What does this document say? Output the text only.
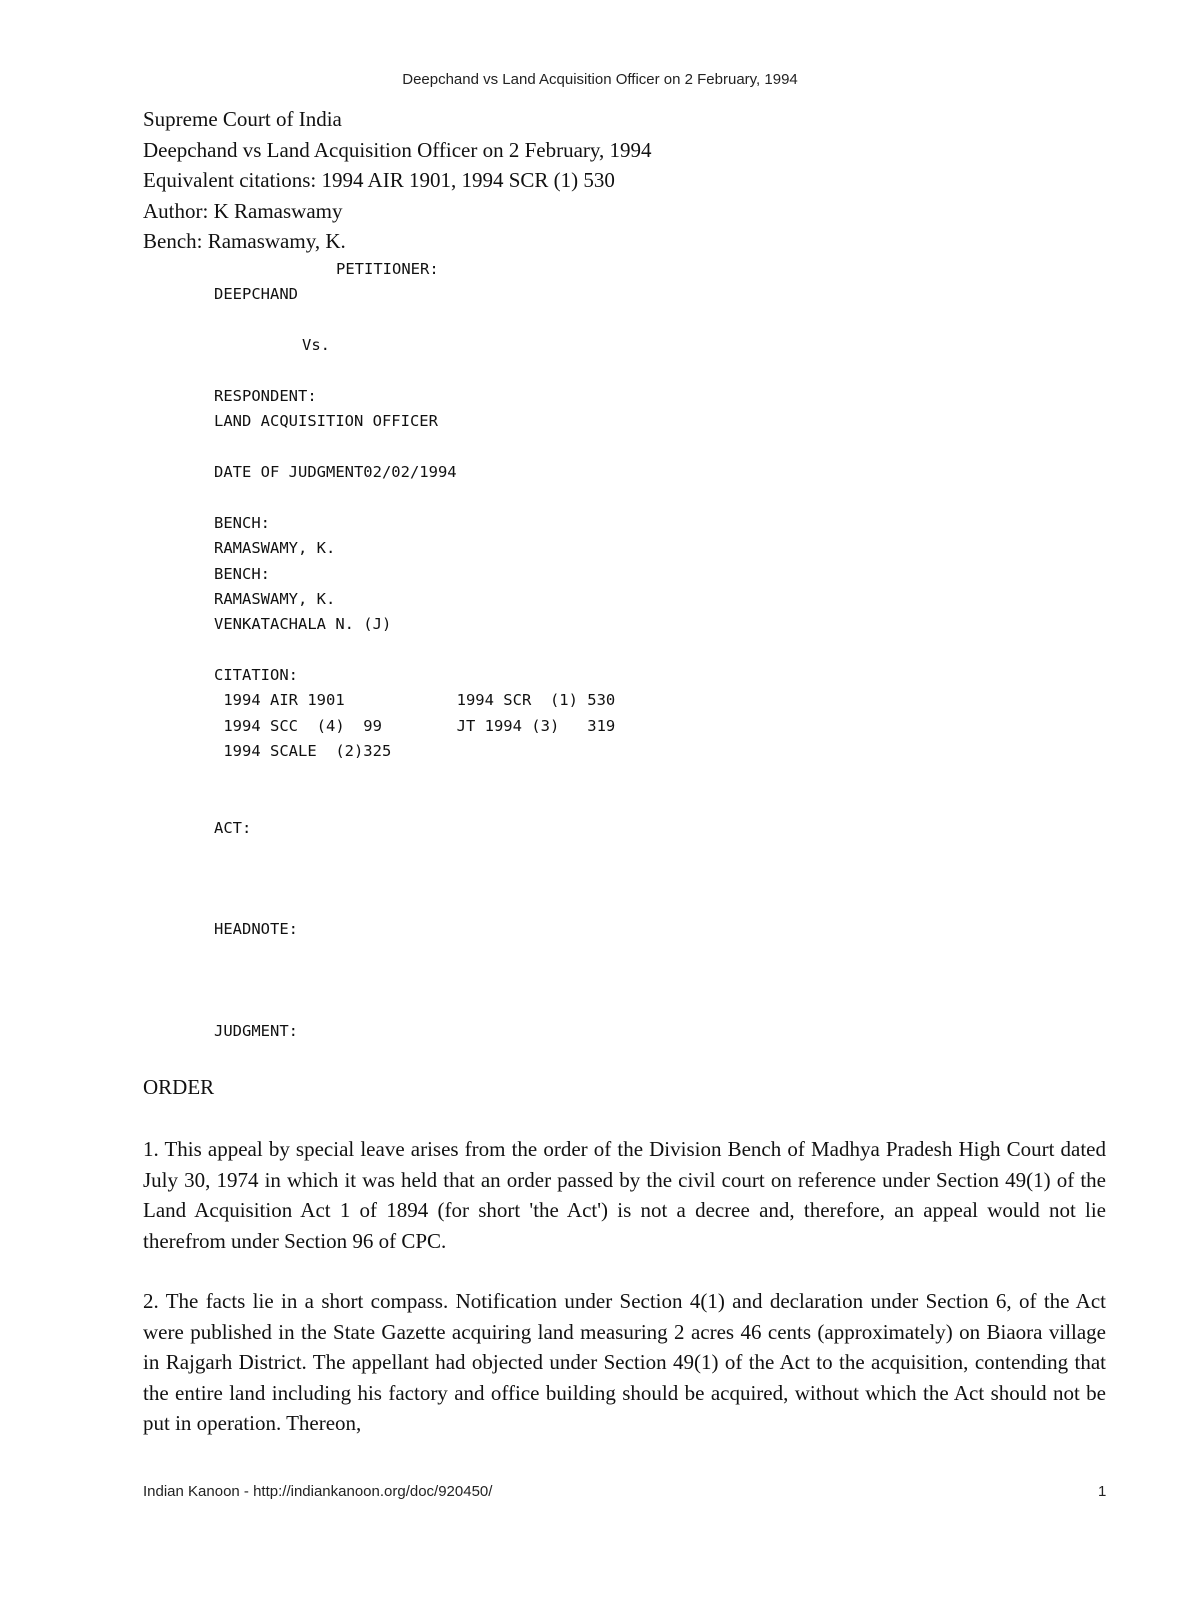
Deepchand vs Land Acquisition Officer on 2 February, 1994
Supreme Court of India
Deepchand vs Land Acquisition Officer on 2 February, 1994
Equivalent citations: 1994 AIR 1901, 1994 SCR (1) 530
Author: K Ramaswamy
Bench: Ramaswamy, K.
PETITIONER:
DEEPCHAND
Vs.
RESPONDENT:
LAND ACQUISITION OFFICER
DATE OF JUDGMENT02/02/1994
BENCH:
RAMASWAMY, K.
BENCH:
RAMASWAMY, K.
VENKATACHALA N. (J)
CITATION:
1994 AIR 1901            1994 SCR  (1) 530
1994 SCC  (4)  99        JT 1994 (3)   319
1994 SCALE  (2)325
ACT:
HEADNOTE:
JUDGMENT:
ORDER

1. This appeal by special leave arises from the order of the Division Bench of Madhya Pradesh High Court dated July 30, 1974 in which it was held that an order passed by the civil court on reference under Section 49(1) of the Land Acquisition Act 1 of 1894 (for short 'the Act') is not a decree and, therefore, an appeal would not lie therefrom under Section 96 of CPC.

2. The facts lie in a short compass. Notification under Section 4(1) and declaration under Section 6, of the Act were published in the State Gazette acquiring land measuring 2 acres 46 cents (approximately) on Biaora village in Rajgarh District. The appellant had objected under Section 49(1) of the Act to the acquisition, contending that the entire land including his factory and office building should be acquired, without which the Act should not be put in operation. Thereon,

Indian Kanoon - http://indiankanoon.org/doc/920450/	1
